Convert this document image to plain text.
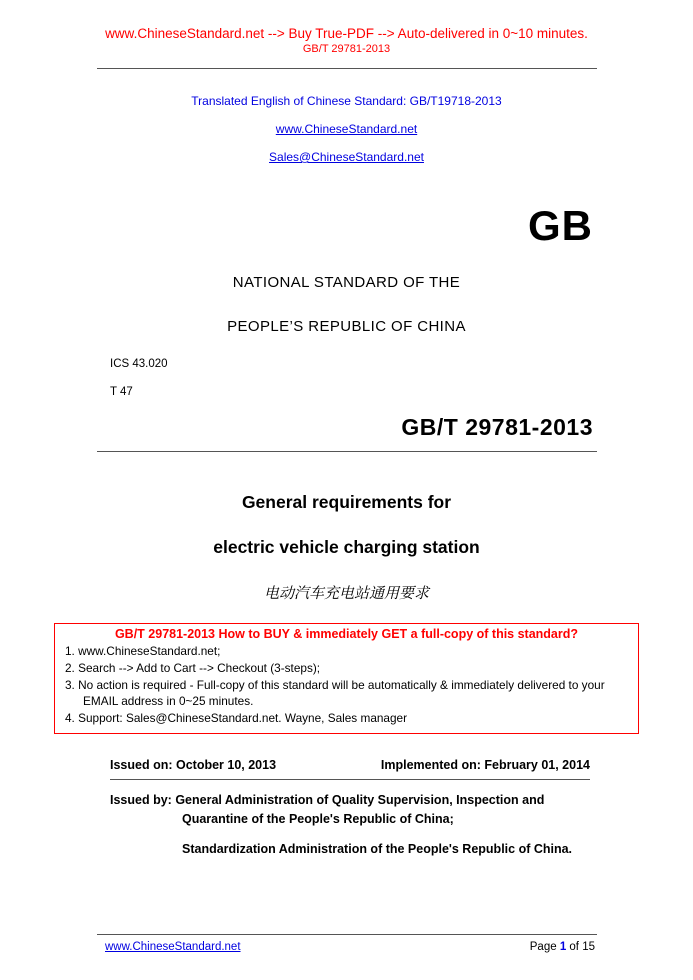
www.ChineseStandard.net --> Buy True-PDF --> Auto-delivered in 0~10 minutes.
GB/T 29781-2013
Translated English of Chinese Standard: GB/T19718-2013
www.ChineseStandard.net
Sales@ChineseStandard.net
GB
NATIONAL STANDARD OF THE
PEOPLE’S REPUBLIC OF CHINA
ICS 43.020
T 47
GB/T 29781-2013
General requirements for
electric vehicle charging station
电动汽车充电站通用要求
GB/T 29781-2013 How to BUY & immediately GET a full-copy of this standard?
1. www.ChineseStandard.net;
2. Search --> Add to Cart --> Checkout (3-steps);
3. No action is required - Full-copy of this standard will be automatically & immediately delivered to your EMAIL address in 0~25 minutes.
4. Support: Sales@ChineseStandard.net. Wayne, Sales manager
Issued on: October 10, 2013	Implemented on: February 01, 2014
Issued by: General Administration of Quality Supervision, Inspection and Quarantine of the People's Republic of China;
Standardization Administration of the People's Republic of China.
www.ChineseStandard.net	Page 1 of 15
